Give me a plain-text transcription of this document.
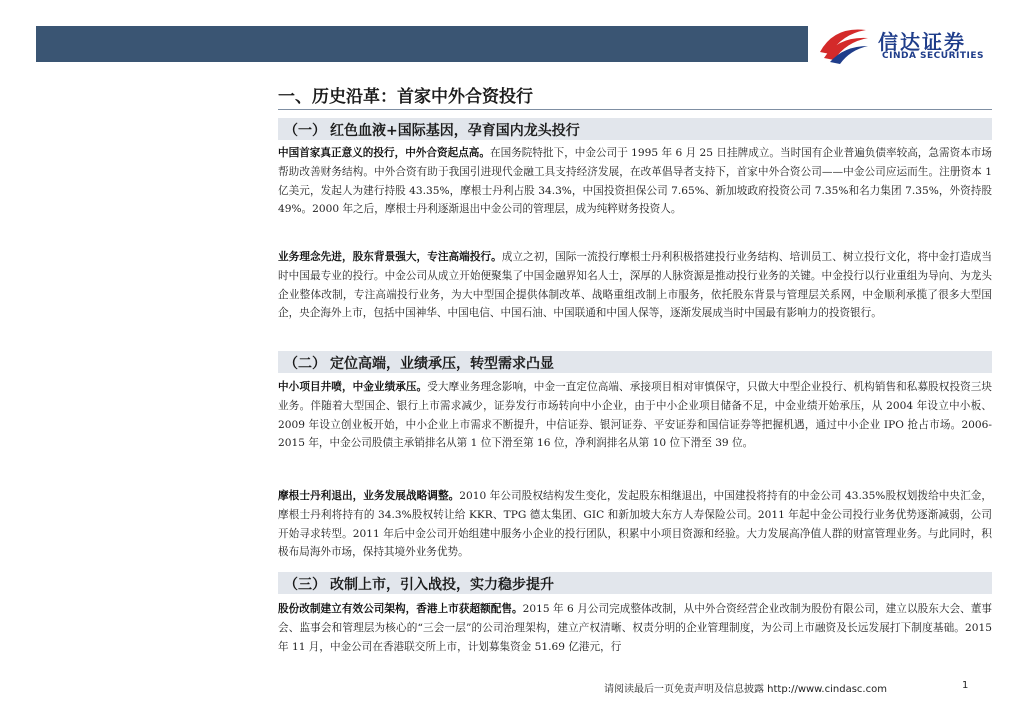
信达证券
CINDA SECURITIES
一、历史沿革：首家中外合资投行
（一） 红色血液+国际基因，孕育国内龙头投行
中国首家真正意义的投行，中外合资起点高。在国务院特批下，中金公司于 1995 年 6 月 25 日挂牌成立。当时国有企业普遍负债率较高，急需资本市场帮助改善财务结构。中外合资有助于我国引进现代金融工具支持经济发展，在改革倡导者支持下，首家中外合资公司——中金公司应运而生。注册资本 1 亿美元，发起人为建行持股 43.35%，摩根士丹利占股 34.3%，中国投资担保公司 7.65%、新加坡政府投资公司 7.35%和名力集团 7.35%，外资持股 49%。2000 年之后，摩根士丹利逐渐退出中金公司的管理层，成为纯粹财务投资人。
业务理念先进，股东背景强大，专注高端投行。成立之初，国际一流投行摩根士丹利积极搭建投行业务结构、培训员工、树立投行文化，将中金打造成当时中国最专业的投行。中金公司从成立开始便聚集了中国金融界知名人士，深厚的人脉资源是推动投行业务的关键。中金投行以行业重组为导向、为龙头企业整体改制，专注高端投行业务，为大中型国企提供体制改革、战略重组改制上市服务，依托股东背景与管理层关系网，中金顺利承揽了很多大型国企，央企海外上市，包括中国神华、中国电信、中国石油、中国联通和中国人保等，逐渐发展成当时中国最有影响力的投资银行。
（二） 定位高端，业绩承压，转型需求凸显
中小项目井喷，中金业绩承压。受大摩业务理念影响，中金一直定位高端、承接项目相对审慎保守，只做大中型企业投行、机构销售和私募股权投资三块业务。伴随着大型国企、银行上市需求减少，证券发行市场转向中小企业，由于中小企业项目储备不足，中金业绩开始承压，从 2004 年设立中小板、2009 年设立创业板开始，中小企业上市需求不断提升，中信证券、银河证券、平安证券和国信证券等把握机遇，通过中小企业 IPO 抢占市场。2006-2015 年，中金公司股债主承销排名从第 1 位下滑至第 16 位，净利润排名从第 10 位下滑至 39 位。
摩根士丹利退出，业务发展战略调整。2010 年公司股权结构发生变化，发起股东相继退出，中国建投将持有的中金公司 43.35%股权划拨给中央汇金，摩根士丹利将持有的 34.3%股权转让给 KKR、TPG 德太集团、GIC 和新加坡大东方人寿保险公司。2011 年起中金公司投行业务优势逐渐减弱，公司开始寻求转型。2011 年后中金公司开始组建中服务小企业的投行团队，积累中小项目资源和经验。大力发展高净值人群的财富管理业务。与此同时，积极布局海外市场，保持其境外业务优势。
（三） 改制上市，引入战投，实力稳步提升
股份改制建立有效公司架构，香港上市获超额配售。2015 年 6 月公司完成整体改制，从中外合资经营企业改制为股份有限公司，建立以股东大会、董事会、监事会和管理层为核心的“三会一层”的公司治理架构，建立产权清晰、权责分明的企业管理制度，为公司上市融资及长远发展打下制度基础。2015 年 11 月，中金公司在香港联交所上市，计划募集资金 51.69 亿港元，行
请阅读最后一页免责声明及信息披露 http://www.cindasc.com	1
